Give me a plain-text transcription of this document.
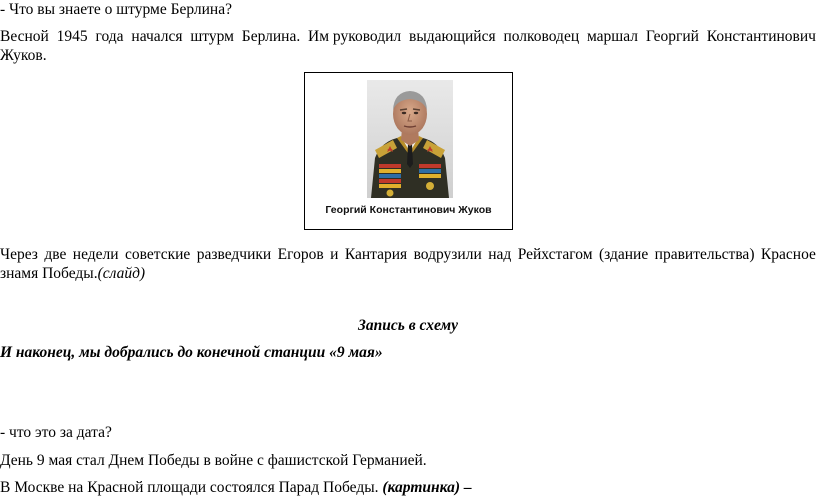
- Что вы знаете о штурме Берлина?

Весной 1945 года начался штурм Берлина. Им руководил выдающийся полководец маршал Георгий Константинович

Жуков.

Георгий Константинович Жуков
Через две недели советские разведчики Егоров и Кантария водрузили над Рейхстагом (здание правительства) Красное

знамя Победы.(слайд)

Запись в схему

И наконец, мы добрались до конечной станции «9 мая»

- что это за дата?

День 9 мая стал Днем Победы в войне с фашистской Германией.

В Москве на Красной площади состоялся Парад Победы. (картинка) –
